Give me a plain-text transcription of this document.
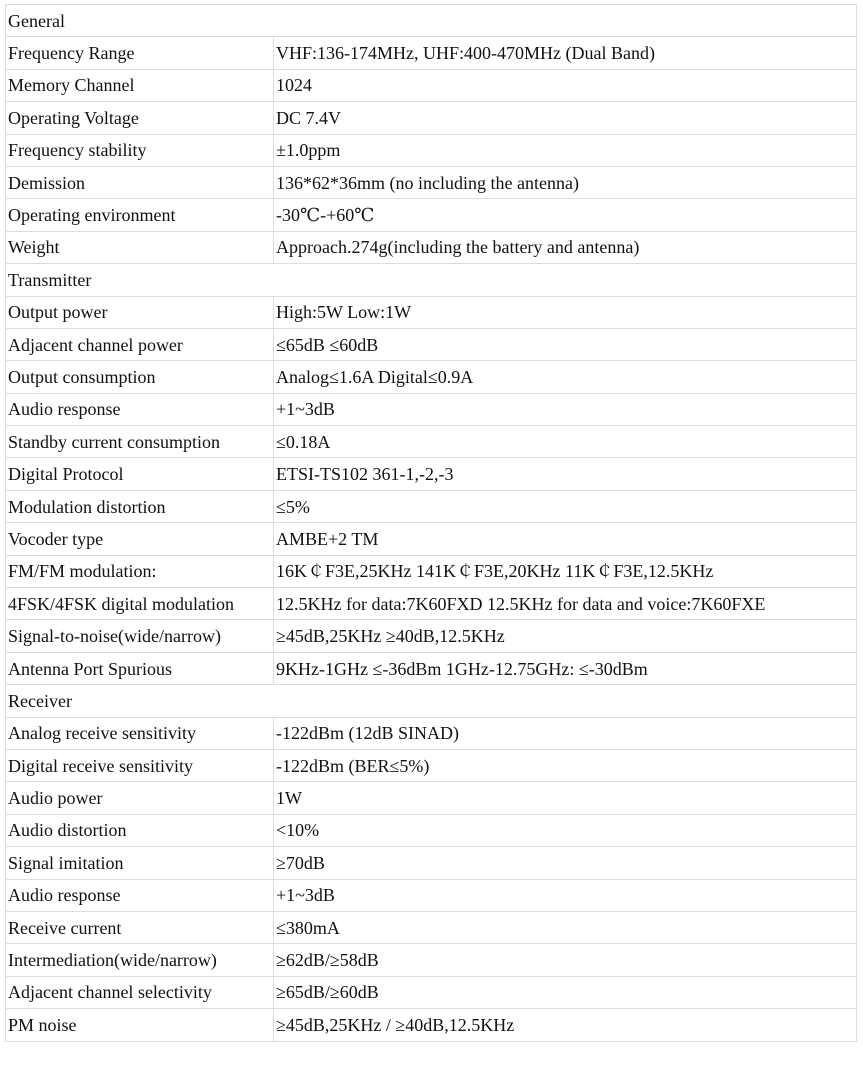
General	
Frequency Range	VHF:136-174MHz, UHF:400-470MHz (Dual Band)
Memory Channel	1024
Operating Voltage	DC 7.4V
Frequency stability	±1.0ppm
Demission	136*62*36mm (no including the antenna)
Operating environment	-30℃-+60℃
Weight	Approach.274g(including the battery and antenna)
Transmitter	
Output power	High:5W Low:1W
Adjacent channel power	≤65dB ≤60dB
Output consumption	Analog≤1.6A Digital≤0.9A
Audio response	+1~3dB
Standby current consumption	≤0.18A
Digital Protocol	ETSI-TS102 361-1,-2,-3
Modulation distortion	≤5%
Vocoder type	AMBE+2 TM
FM/FM modulation:	16K￠F3E,25KHz 141K￠F3E,20KHz 11K￠F3E,12.5KHz
4FSK/4FSK digital modulation	12.5KHz for data:7K60FXD 12.5KHz for data and voice:7K60FXE
Signal-to-noise(wide/narrow)	≥45dB,25KHz ≥40dB,12.5KHz
Antenna Port Spurious	9KHz-1GHz ≤-36dBm 1GHz-12.75GHz: ≤-30dBm
Receiver	
Analog receive sensitivity	-122dBm (12dB SINAD)
Digital receive sensitivity	-122dBm (BER≤5%)
Audio power	1W
Audio distortion	<10%
Signal imitation	≥70dB
Audio response	+1~3dB
Receive current	≤380mA
Intermediation(wide/narrow)	≥62dB/≥58dB
Adjacent channel selectivity	≥65dB/≥60dB
PM noise	≥45dB,25KHz / ≥40dB,12.5KHz
